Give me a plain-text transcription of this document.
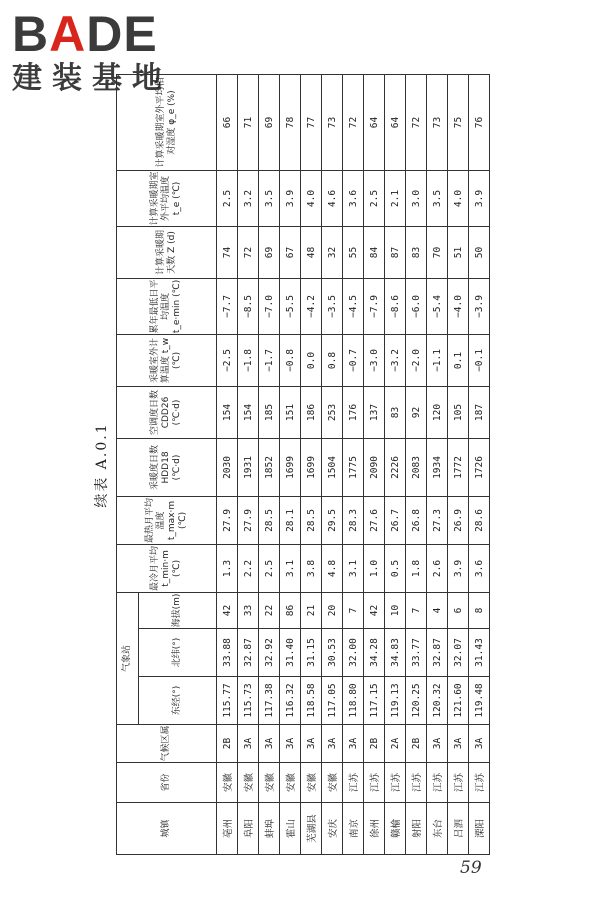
BADE
建装基地
续表 A.0.1
城镇	省份	气候区属	气象站			最冷月平均 t_min·m (℃)	最热月平均温度 t_max·m (℃)	采暖度日数 HDD18 (℃·d)	空调度日数 CDD26 (℃·d)	采暖室外计算温度 t_w (℃)	累年最低日平均温度 t_e·min (℃)	计算采暖期天数 Z (d)	计算采暖期室外平均温度 t_e (℃)	计算采暖期室外平均相对湿度 φ_e (%)
			东经(°)	北纬(°)	海拔(m)									
亳州	安徽	2B	115.77	33.88	42	1.3	27.9	2030	154	−2.5	−7.7	74	2.5	66
阜阳	安徽	3A	115.73	32.87	33	2.2	27.9	1931	154	−1.8	−8.5	72	3.2	71
蚌埠	安徽	3A	117.38	32.92	22	2.5	28.5	1852	185	−1.7	−7.0	69	3.5	69
霍山	安徽	3A	116.32	31.40	86	3.1	28.1	1699	151	−0.8	−5.5	67	3.9	78
芜湖县	安徽	3A	118.58	31.15	21	3.8	28.5	1699	186	0.0	−4.2	48	4.0	77
安庆	安徽	3A	117.05	30.53	20	4.8	29.5	1504	253	0.8	−3.5	32	4.6	73
南京	江苏	3A	118.80	32.00	7	3.1	28.3	1775	176	−0.7	−4.5	55	3.6	72
徐州	江苏	2B	117.15	34.28	42	1.0	27.6	2090	137	−3.0	−7.9	84	2.5	64
赣榆	江苏	2A	119.13	34.83	10	0.5	26.7	2226	83	−3.2	−8.6	87	2.1	64
射阳	江苏	2B	120.25	33.77	7	1.8	26.8	2083	92	−2.0	−6.0	83	3.0	72
东台	江苏	3A	120.32	32.87	4	2.6	27.3	1934	120	−1.1	−5.4	70	3.5	73
吕泗	江苏	3A	121.60	32.07	6	3.9	26.9	1772	105	0.1	−4.0	51	4.0	75
溧阳	江苏	3A	119.48	31.43	8	3.6	28.6	1726	187	−0.1	−3.9	50	3.9	76
59
